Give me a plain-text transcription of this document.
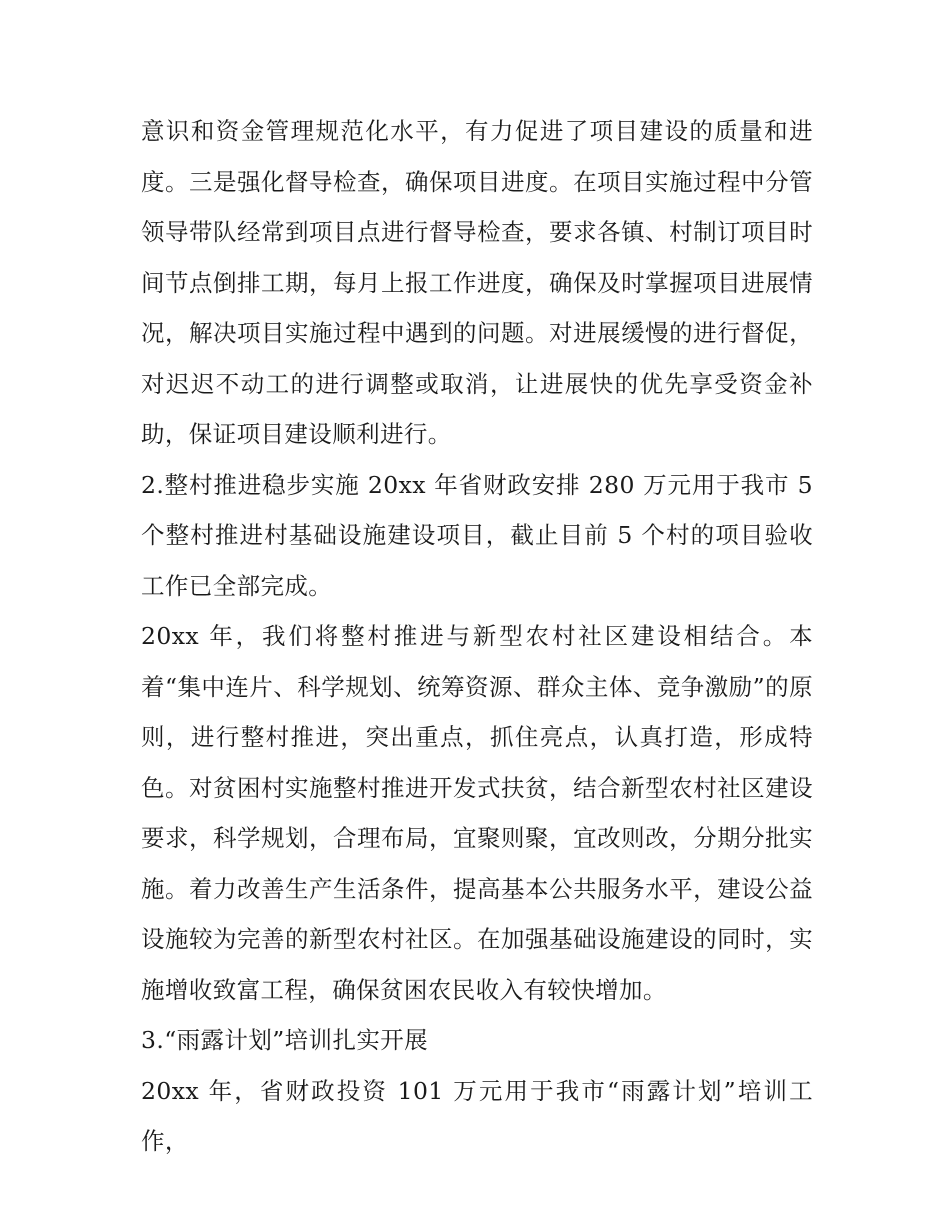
意识和资金管理规范化水平，有力促进了项目建设的质量和进度。三是强化督导检查，确保项目进度。在项目实施过程中分管领导带队经常到项目点进行督导检查，要求各镇、村制订项目时间节点倒排工期，每月上报工作进度，确保及时掌握项目进展情况，解决项目实施过程中遇到的问题。对进展缓慢的进行督促，对迟迟不动工的进行调整或取消，让进展快的优先享受资金补助，保证项目建设顺利进行。

2.整村推进稳步实施 20xx 年省财政安排 280 万元用于我市 5 个整村推进村基础设施建设项目，截止目前 5 个村的项目验收工作已全部完成。

20xx 年，我们将整村推进与新型农村社区建设相结合。本着“集中连片、科学规划、统筹资源、群众主体、竞争激励”的原则，进行整村推进，突出重点，抓住亮点，认真打造，形成特色。对贫困村实施整村推进开发式扶贫，结合新型农村社区建设要求，科学规划，合理布局，宜聚则聚，宜改则改，分期分批实施。着力改善生产生活条件，提高基本公共服务水平，建设公益设施较为完善的新型农村社区。在加强基础设施建设的同时，实施增收致富工程，确保贫困农民收入有较快增加。

3.“雨露计划”培训扎实开展

20xx 年，省财政投资 101 万元用于我市“雨露计划”培训工作，
